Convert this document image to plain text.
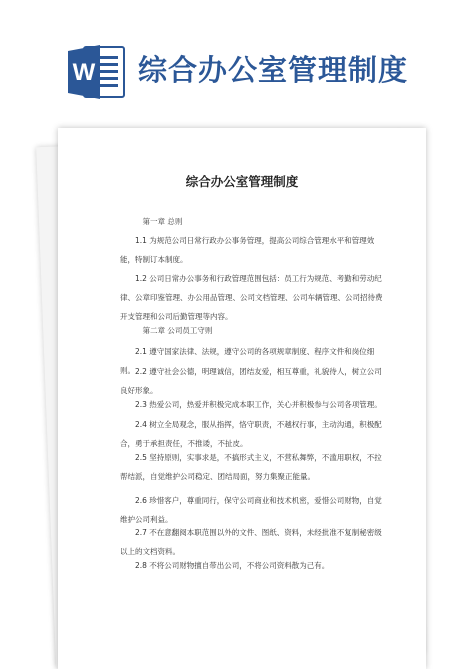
W 综合办公室管理制度
综合办公室管理制度
第一章 总则
1.1 为规范公司日常行政办公事务管理，提高公司综合管理水平和管理效能，特制订本制度。
1.2 公司日常办公事务和行政管理范围包括：员工行为规范、考勤和劳动纪律、公章印鉴管理、办公用品管理、公司文档管理、公司车辆管理、公司招待费开支管理和公司后勤管理等内容。
第二章 公司员工守则
2.1 遵守国家法律、法规，遵守公司的各项规章制度、程序文件和岗位细则。 2.2 遵守社会公德，明理诚信，团结友爱，相互尊重，礼貌待人，树立公司良好形象。
2.3 热爱公司，热爱并积极完成本职工作，关心并积极参与公司各项管理。
2.4 树立全局观念，服从指挥，恪守职责，不越权行事，主动沟通，积极配合，勇于承担责任，不推诿，不扯皮。
2.5 坚持原则，实事求是，不搞形式主义，不营私舞弊，不滥用职权，不拉帮结派，自觉维护公司稳定、团结局面，努力集聚正能量。
2.6 珍惜客户，尊重同行，保守公司商业和技术机密，爱惜公司财物，自觉维护公司利益。
2.7 不在意翻阅本职范围以外的文件、图纸、资料，未经批准不复制秘密级以上的文档资料。
2.8 不将公司财物擅自带出公司，不将公司资料散为己有。
